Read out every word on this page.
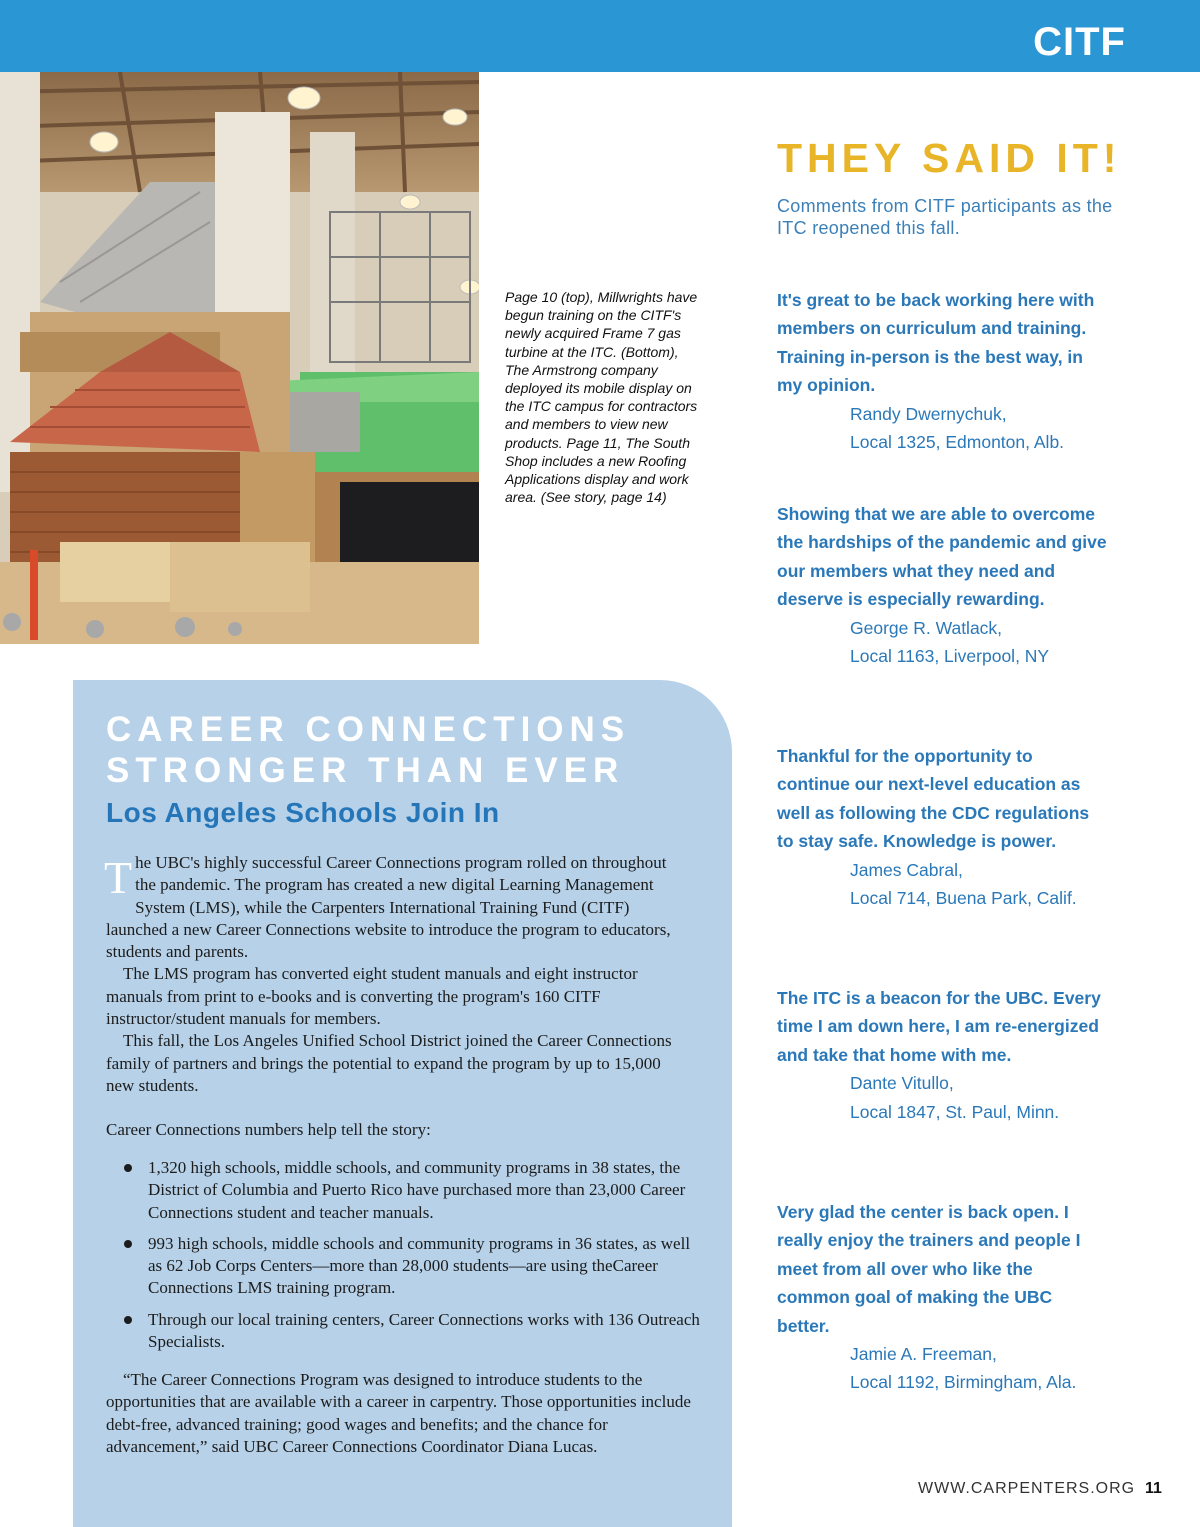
CITF
Page 10 (top), Millwrights have begun training on the CITF's newly acquired Frame 7 gas turbine at the ITC. (Bottom), The Armstrong company deployed its mobile display on the ITC campus for contractors and members to view new products. Page 11, The South Shop includes a new Roofing Applications display and work area. (See story, page 14)
THEY SAID IT!
Comments from CITF participants as the ITC reopened this fall.
It's great to be back working here with members on curriculum and training. Training in-person is the best way, in my opinion.
Randy Dwernychuk,
Local 1325, Edmonton, Alb.
Showing that we are able to overcome the hardships of the pandemic and give our members what they need and deserve is especially rewarding.
George R. Watlack,
Local 1163, Liverpool, NY
Thankful for the opportunity to continue our next-level education as well as following the CDC regulations to stay safe. Knowledge is power.
James Cabral,
Local 714, Buena Park, Calif.
The ITC is a beacon for the UBC. Every time I am down here, I am re-energized and take that home with me.
Dante Vitullo,
Local 1847, St. Paul, Minn.
Very glad the center is back open. I really enjoy the trainers and people I meet from all over who like the common goal of making the UBC better.
Jamie A. Freeman,
Local 1192, Birmingham, Ala.
CAREER CONNECTIONS
STRONGER THAN EVER
Los Angeles Schools Join In

The UBC's highly successful Career Connections program rolled on throughout the pandemic. The program has created a new digital Learning Management System (LMS), while the Carpenters International Training Fund (CITF) launched a new Career Connections website to introduce the program to educators, students and parents.

The LMS program has converted eight student manuals and eight instructor manuals from print to e-books and is converting the program's 160 CITF instructor/student manuals for members.

This fall, the Los Angeles Unified School District joined the Career Connections family of partners and brings the potential to expand the program by up to 15,000 new students.

Career Connections numbers help tell the story:
1,320 high schools, middle schools, and community programs in 38 states, the District of Columbia and Puerto Rico have purchased more than 23,000 Career Connections student and teacher manuals.
993 high schools, middle schools and community programs in 36 states, as well as 62 Job Corps Centers—more than 28,000 students—are using theCareer Connections LMS training program.
Through our local training centers, Career Connections works with 136 Outreach Specialists.
“The Career Connections Program was designed to introduce students to the opportunities that are available with a career in carpentry. Those opportunities include debt-free, advanced training; good wages and benefits; and the chance for advancement,” said UBC Career Connections Coordinator Diana Lucas.
WWW.CARPENTERS.ORG 11
